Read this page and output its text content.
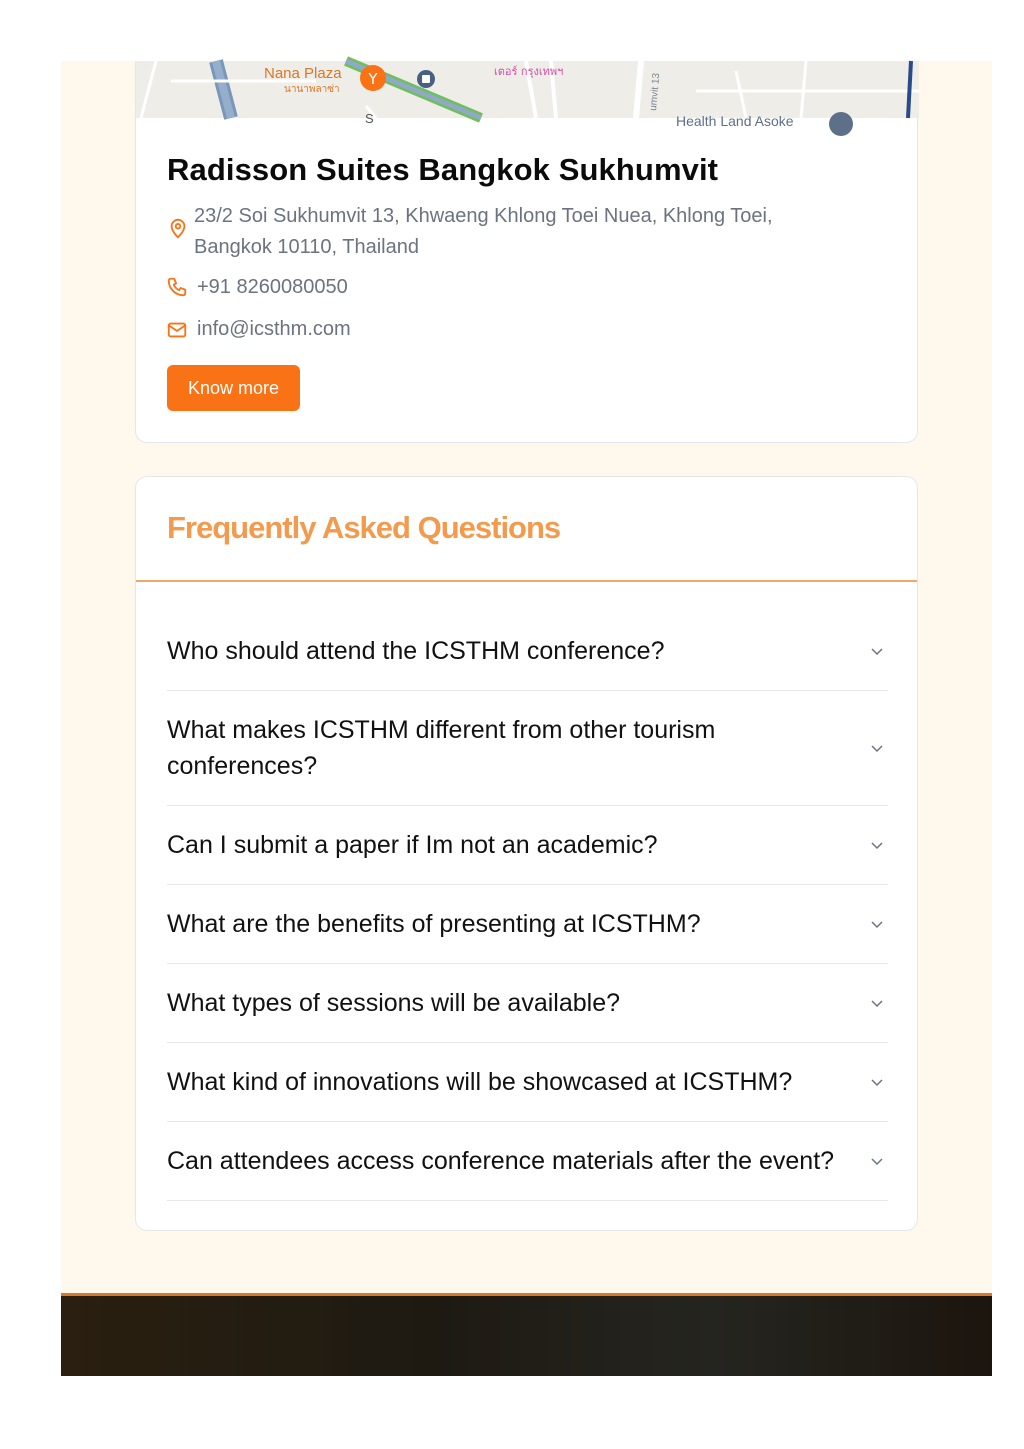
Y
Nana Plaza
นานาพลาซ่า
เตอร์ กรุงเทพฯ
umvit 13
Health Land Asoke
S
Radisson Suites Bangkok Sukhumvit
23/2 Soi Sukhumvit 13, Khwaeng Khlong Toei Nuea, Khlong Toei,
Bangkok 10110, Thailand
Know more
+91 8260080050
info@icsthm.com
Frequently Asked Questions
Who should attend the ICSTHM conference?
What makes ICSTHM different from other tourism conferences?
Can I submit a paper if Im not an academic?
What are the benefits of presenting at ICSTHM?
What types of sessions will be available?
What kind of innovations will be showcased at ICSTHM?
Can attendees access conference materials after the event?
